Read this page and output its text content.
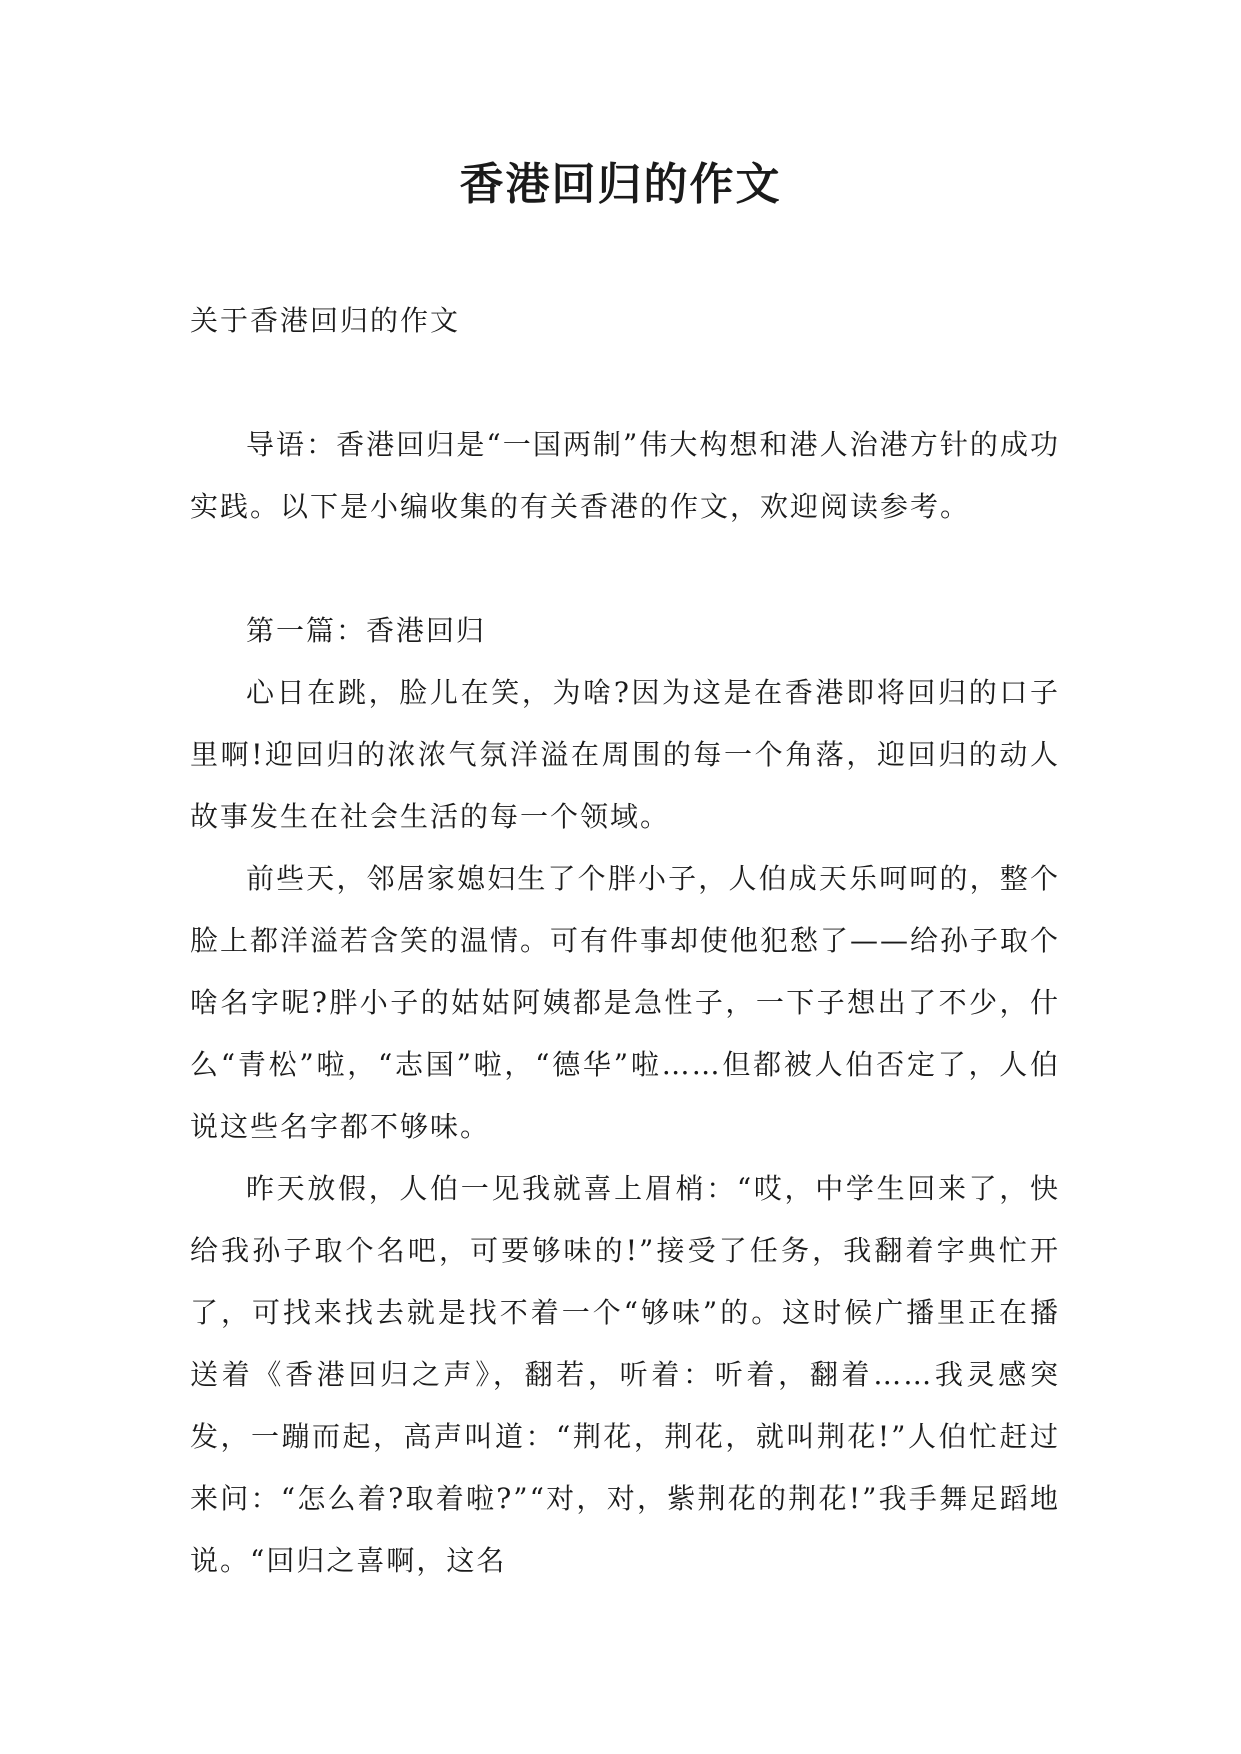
香港回归的作文

关于香港回归的作文

导语：香港回归是“一国两制”伟大构想和港人治港方针的成功实践。以下是小编收集的有关香港的作文，欢迎阅读参考。

第一篇：香港回归

心日在跳，脸儿在笑，为啥?因为这是在香港即将回归的口子里啊!迎回归的浓浓气氛洋溢在周围的每一个角落，迎回归的动人故事发生在社会生活的每一个领域。

前些天，邻居家媳妇生了个胖小子，人伯成天乐呵呵的，整个脸上都洋溢若含笑的温情。可有件事却使他犯愁了——给孙子取个啥名字昵?胖小子的姑姑阿姨都是急性子，一下子想出了不少，什么“青松”啦，“志国”啦，“德华”啦……但都被人伯否定了，人伯说这些名字都不够味。

昨天放假，人伯一见我就喜上眉梢：“哎，中学生回来了，快给我孙子取个名吧，可要够味的!”接受了任务，我翻着字典忙开了，可找来找去就是找不着一个“够味”的。这时候广播里正在播送着《香港回归之声》，翻若，听着：听着，翻着……我灵感突发，一蹦而起，高声叫道：“荆花，荆花，就叫荆花!”人伯忙赶过来问：“怎么着?取着啦?”“对，对，紫荆花的荆花!”我手舞足蹈地说。“回归之喜啊，这名
